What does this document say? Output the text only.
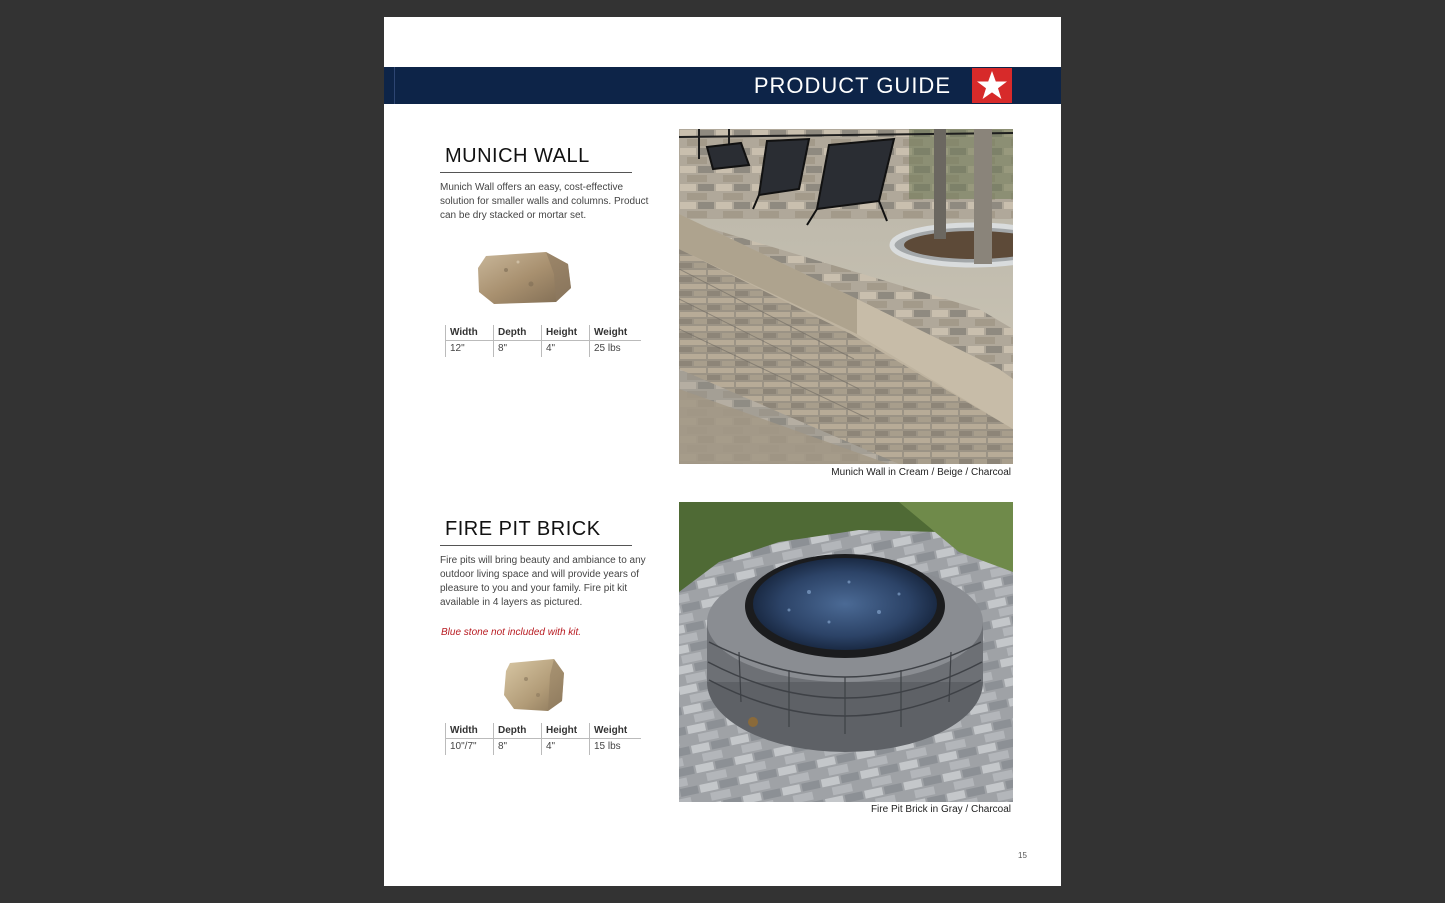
PRODUCT GUIDE
MUNICH WALL
Munich Wall offers an easy, cost-effective solution for smaller walls and columns. Product can be dry stacked or mortar set.
Width
12"
Depth
8"
Height
4"
Weight
25 lbs
Munich Wall in Cream / Beige / Charcoal
FIRE PIT BRICK
Fire pits will bring beauty and ambiance to any outdoor living space and will provide years of pleasure to you and your family. Fire pit kit available in 4 layers as pictured.
Blue stone not included with kit.
Width
10"/7"
Depth
8"
Height
4"
Weight
15 lbs
Fire Pit Brick in Gray / Charcoal
15
